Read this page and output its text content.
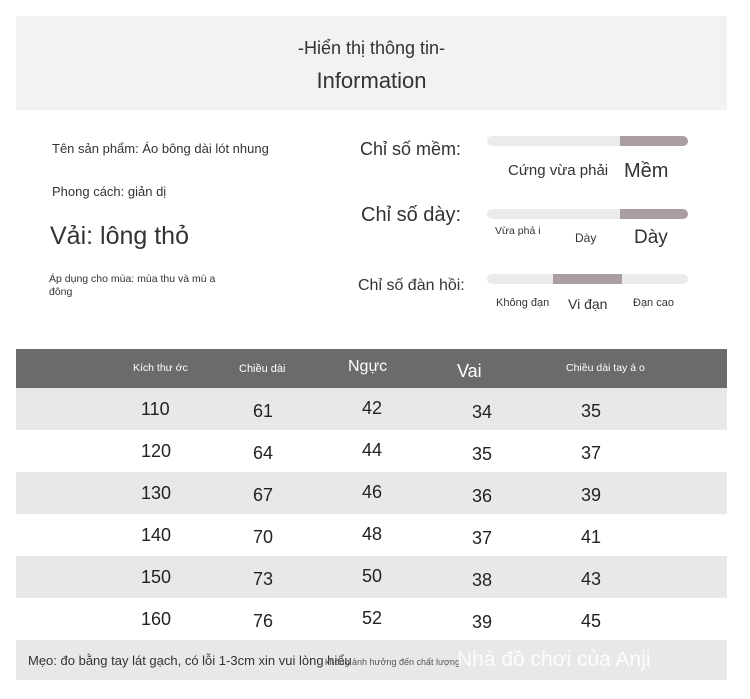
-Hiển thị thông tin-
Information
Tên sản phẩm: Áo bông dài lót nhung
Phong cách: giản dị
Vải: lông thỏ
Áp dụng cho mùa: mùa thu và mù a đông
Chỉ số mềm:
Cứng vừa phải Mềm
Chỉ số dày:
Vừa phả i	Dày Dày
Chỉ số đàn hồi:
Không đạn Vi đạn Đạn cao
Kích thư ớc	Chiều dài	Ngực	Vai	Chiều dài tay á o
110	61	42	34	35
120	64	44	35	37
130	67	46	36	39
140	70	48	37	41
150	73	50	38	43
160	76	52	39	45
Mẹo: đo bằng tay lát gạch, có lỗi 1-3cm xin vui lòng hiểu
không ảnh hưởng đến chất lượng
Nhà đồ chơi của Anji
